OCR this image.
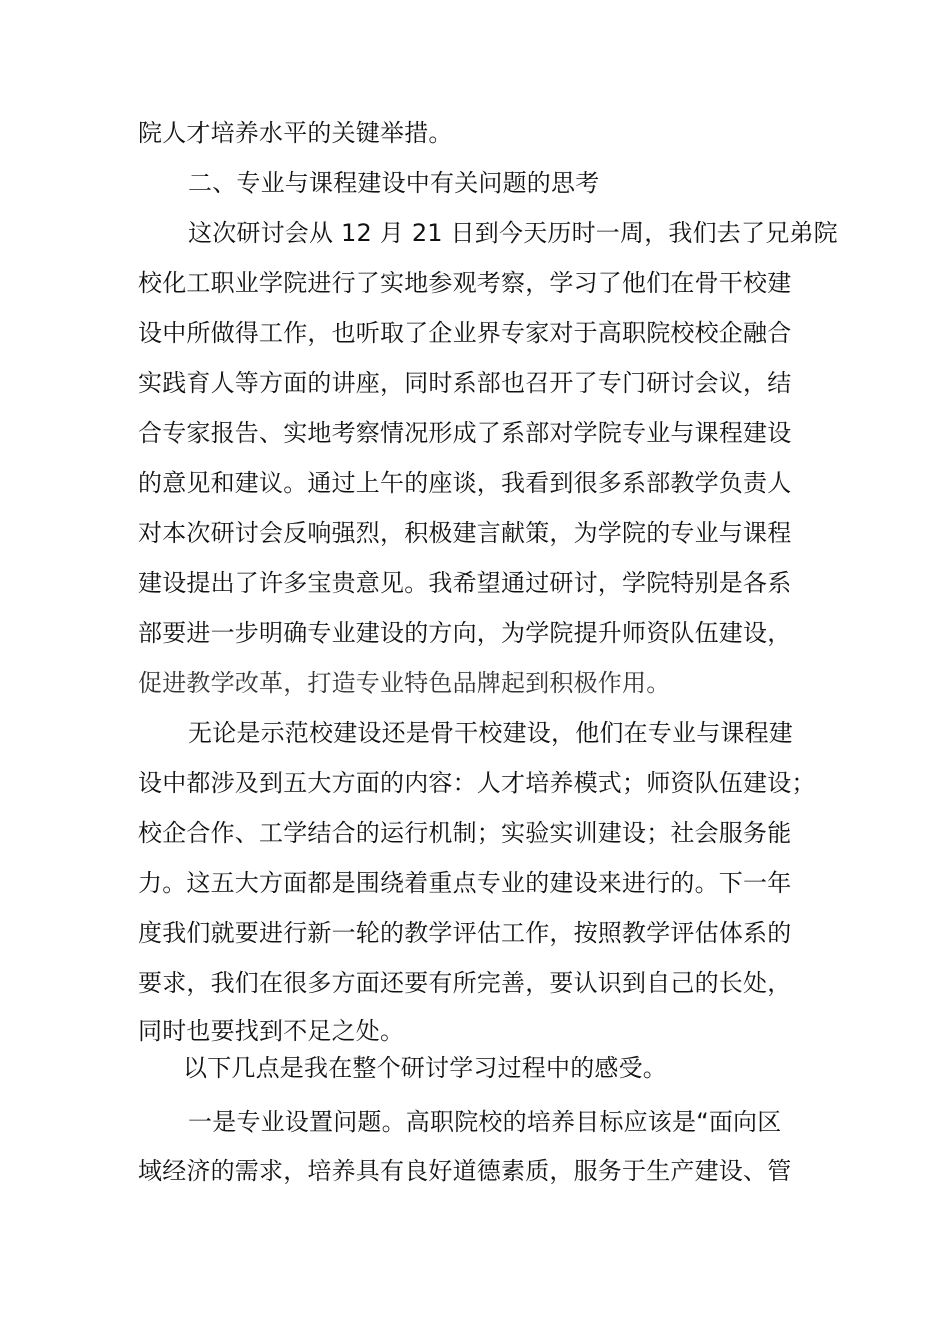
院人才培养水平的关键举措。
二、专业与课程建设中有关问题的思考
这次研讨会从 12 月 21 日到今天历时一周，我们去了兄弟院
校化工职业学院进行了实地参观考察，学习了他们在骨干校建
设中所做得工作，也听取了企业界专家对于高职院校校企融合
实践育人等方面的讲座，同时系部也召开了专门研讨会议，结
合专家报告、实地考察情况形成了系部对学院专业与课程建设
的意见和建议。通过上午的座谈，我看到很多系部教学负责人
对本次研讨会反响强烈，积极建言献策，为学院的专业与课程
建设提出了许多宝贵意见。我希望通过研讨，学院特别是各系
部要进一步明确专业建设的方向，为学院提升师资队伍建设，
促进教学改革，打造专业特色品牌起到积极作用。
无论是示范校建设还是骨干校建设，他们在专业与课程建
设中都涉及到五大方面的内容：人才培养模式；师资队伍建设；
校企合作、工学结合的运行机制；实验实训建设；社会服务能
力。这五大方面都是围绕着重点专业的建设来进行的。下一年
度我们就要进行新一轮的教学评估工作，按照教学评估体系的
要求，我们在很多方面还要有所完善，要认识到自己的长处，
同时也要找到不足之处。
以下几点是我在整个研讨学习过程中的感受。
一是专业设置问题。高职院校的培养目标应该是“面向区
域经济的需求，培养具有良好道德素质，服务于生产建设、管
